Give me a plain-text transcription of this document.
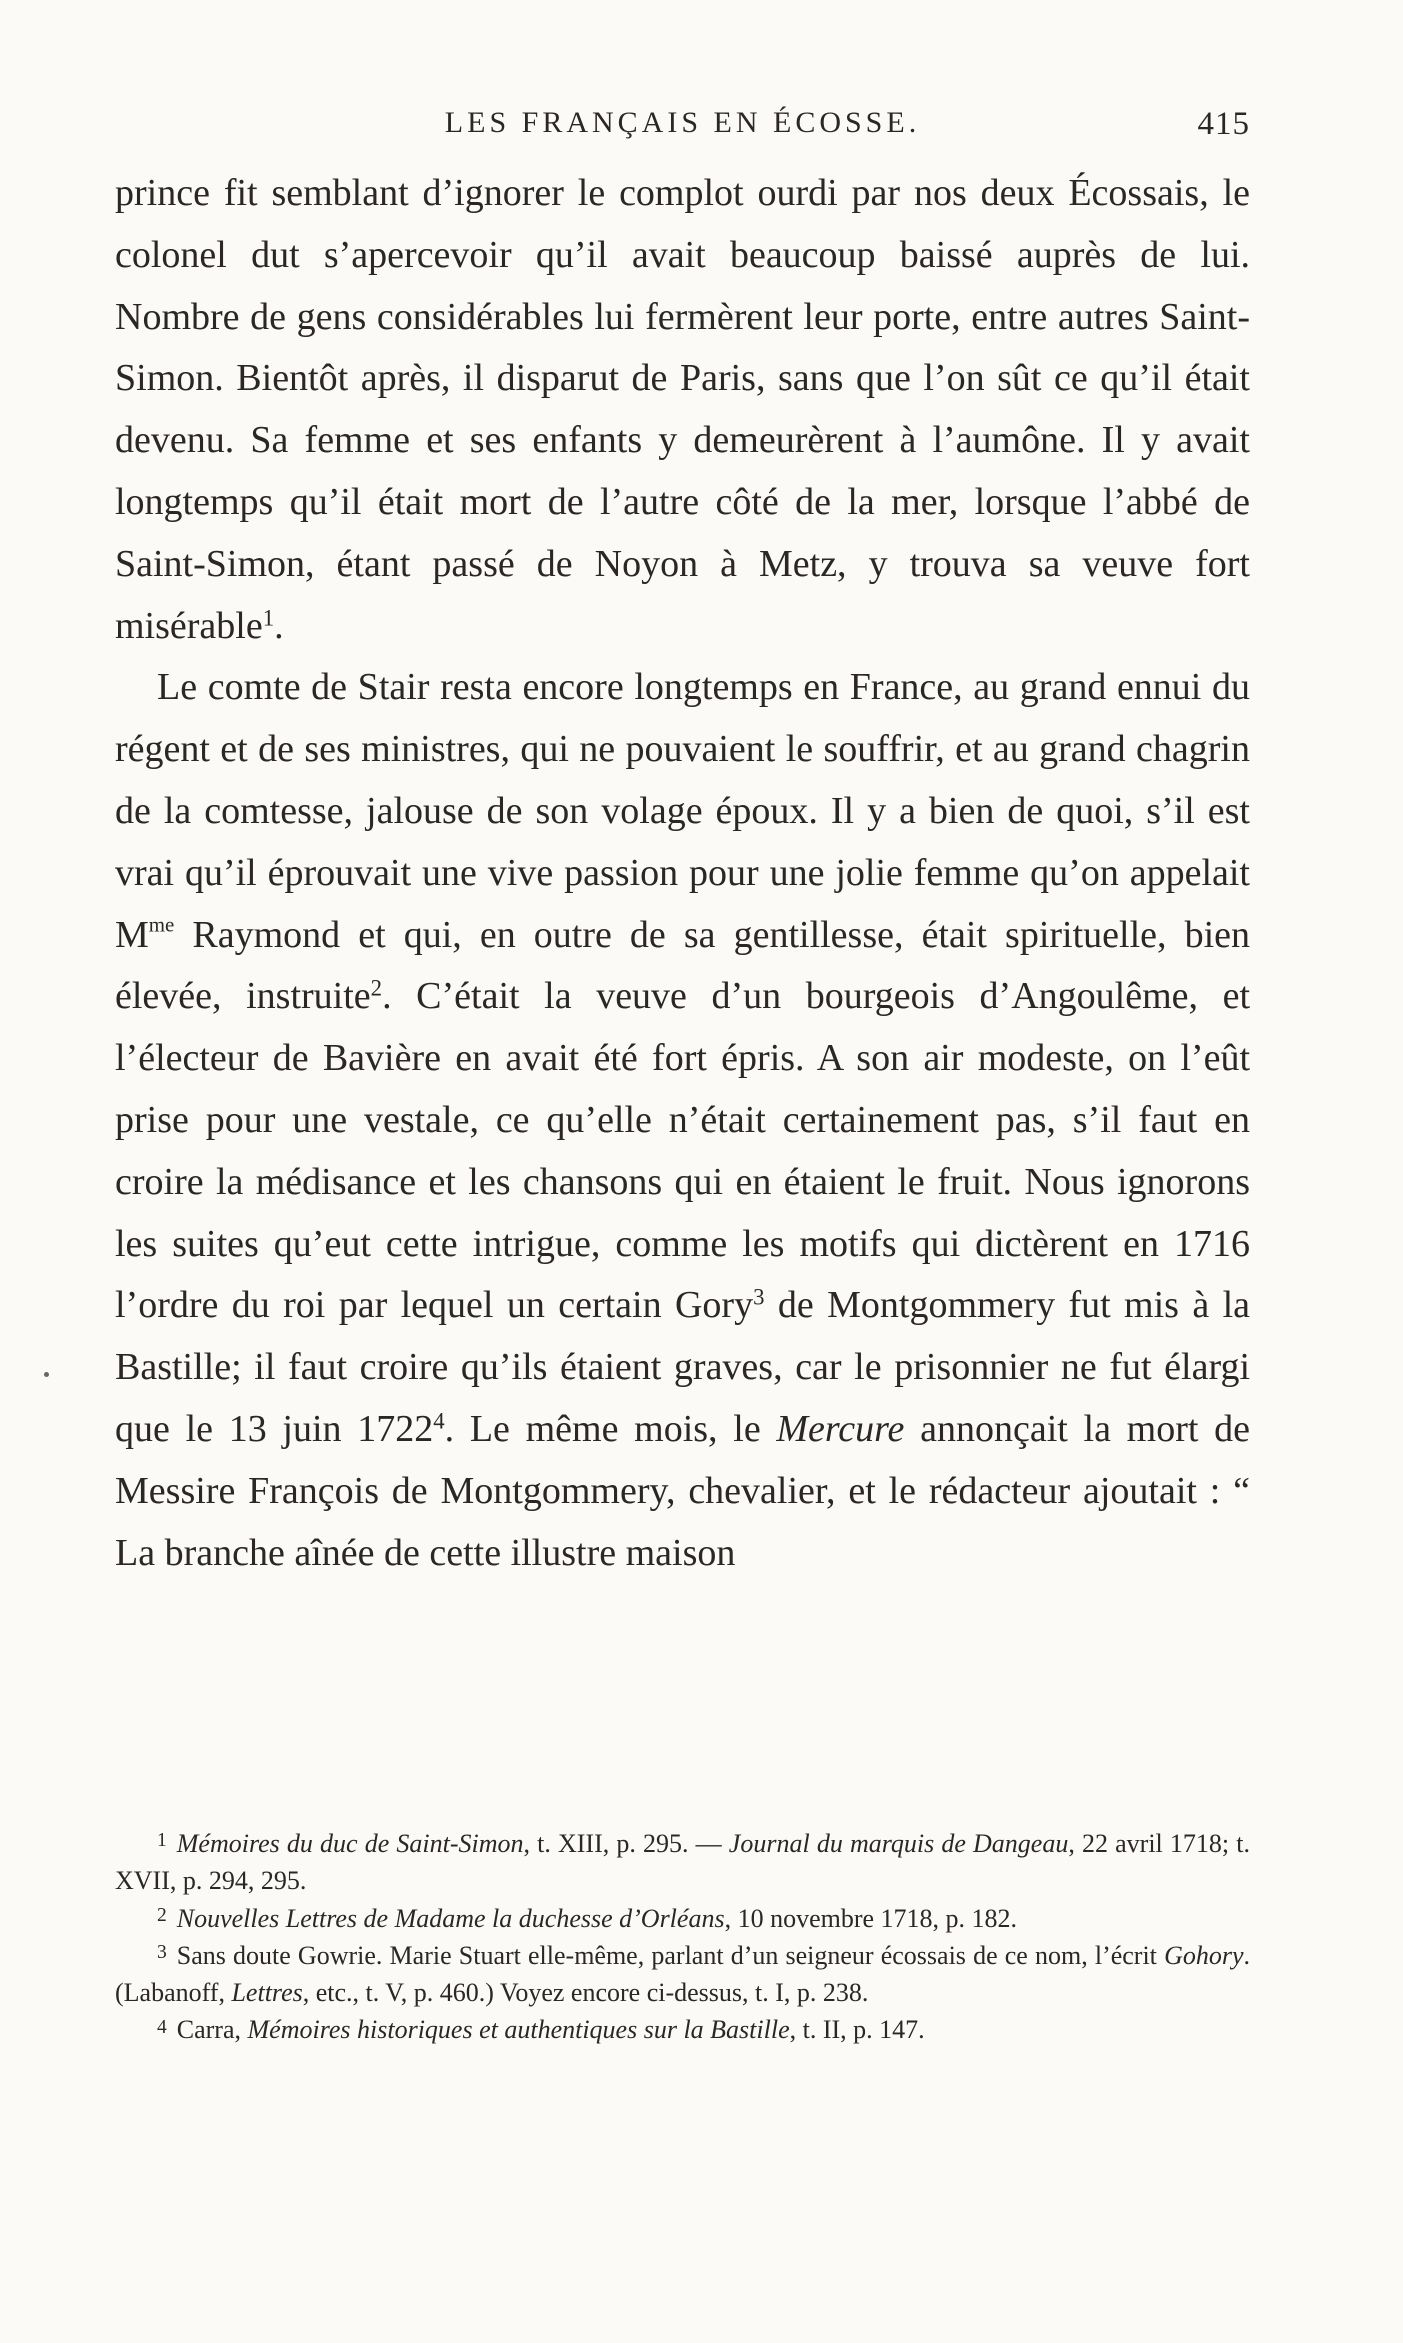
LES FRANÇAIS EN ÉCOSSE.	415

prince fit semblant d’ignorer le complot ourdi par nos deux Écossais, le colonel dut s’apercevoir qu’il avait beaucoup baissé auprès de lui. Nombre de gens considérables lui fermèrent leur porte, entre autres Saint-Simon. Bientôt après, il disparut de Paris, sans que l’on sût ce qu’il était devenu. Sa femme et ses enfants y demeurèrent à l’aumône. Il y avait longtemps qu’il était mort de l’autre côté de la mer, lorsque l’abbé de Saint-Simon, étant passé de Noyon à Metz, y trouva sa veuve fort misérable$^1$.

Le comte de Stair resta encore longtemps en France, au grand ennui du régent et de ses ministres, qui ne pouvaient le souffrir, et au grand chagrin de la comtesse, jalouse de son volage époux. Il y a bien de quoi, s’il est vrai qu’il éprouvait une vive passion pour une jolie femme qu’on appelait $M^{me}$ Raymond et qui, en outre de sa gentillesse, était spirituelle, bien élevée, instruite$^2$. C’était la veuve d’un bourgeois d’Angoulême, et l’électeur de Bavière en avait été fort épris. A son air modeste, on l’eût prise pour une vestale, ce qu’elle n’était certainement pas, s’il faut en croire la médisance et les chansons qui en étaient le fruit. Nous ignorons les suites qu’eut cette intrigue, comme les motifs qui dictèrent en 1716 l’ordre du roi par lequel un certain Gory$^3$ de Montgommery fut mis à la Bastille; il faut croire qu’ils étaient graves, car le prisonnier ne fut élargi que le 13 juin 1722$^4$. Le même mois, le Mercure annonçait la mort de Messire François de Montgommery, chevalier, et le rédacteur ajoutait : “ La branche aînée de cette illustre maison

$^1$ Mémoires du duc de Saint-Simon, t. XIII, p. 295. — Journal du marquis de Dangeau, 22 avril 1718; t. XVII, p. 294, 295.

$^2$ Nouvelles Lettres de Madame la duchesse d’Orléans, 10 novembre 1718, p. 182.

$^3$ Sans doute Gowrie. Marie Stuart elle-même, parlant d’un seigneur écossais de ce nom, l’écrit Gohory. (Labanoff, Lettres, etc., t. V, p. 460.) Voyez encore ci-dessus, t. I, p. 238.

$^4$ Carra, Mémoires historiques et authentiques sur la Bastille, t. II, p. 147.
